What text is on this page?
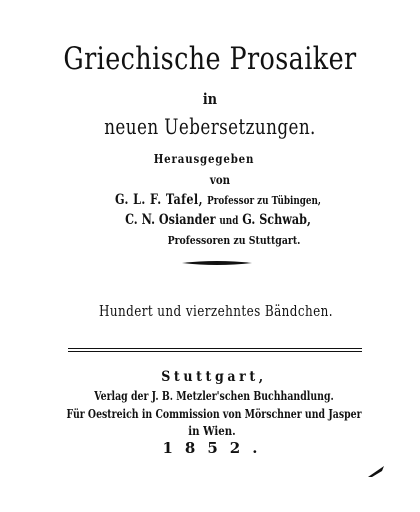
Griechische Prosaiker
in
neuen Uebersetzungen.
Herausgegeben
von
G. L. F. Tafel, Professor zu Tübingen,
C. N. Osiander und G. Schwab,
Professoren zu Stuttgart.
Hundert und vierzehntes Bändchen.
Stuttgart,
Verlag der J. B. Metzler'schen Buchhandlung.
Für Oestreich in Commission von Mörschner und Jasper
in Wien.
1852.
